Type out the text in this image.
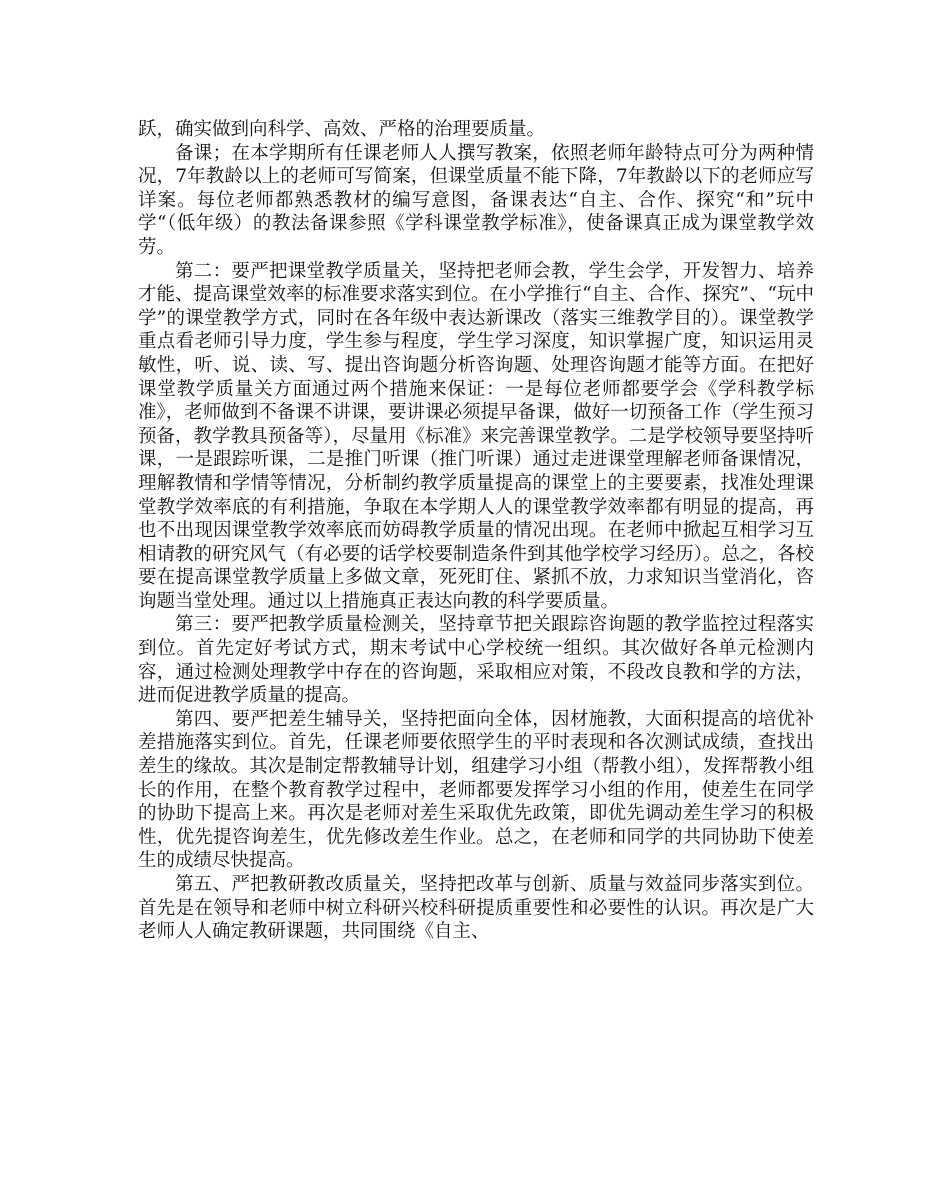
跃，确实做到向科学、高效、严格的治理要质量。

备课；在本学期所有任课老师人人撰写教案，依照老师年龄特点可分为两种情况，7年教龄以上的老师可写简案，但课堂质量不能下降，7年教龄以下的老师应写详案。每位老师都熟悉教材的编写意图，备课表达“自主、合作、探究“和”玩中学“（低年级）的教法备课参照《学科课堂教学标准》，使备课真正成为课堂教学效劳。

第二：要严把课堂教学质量关，坚持把老师会教，学生会学，开发智力、培养才能、提高课堂效率的标准要求落实到位。在小学推行“自主、合作、探究”、“玩中学”的课堂教学方式，同时在各年级中表达新课改（落实三维教学目的）。课堂教学重点看老师引导力度，学生参与程度，学生学习深度，知识掌握广度，知识运用灵敏性，听、说、读、写、提出咨询题分析咨询题、处理咨询题才能等方面。在把好课堂教学质量关方面通过两个措施来保证：一是每位老师都要学会《学科教学标准》，老师做到不备课不讲课，要讲课必须提早备课，做好一切预备工作（学生预习预备，教学教具预备等），尽量用《标准》来完善课堂教学。二是学校领导要坚持听课，一是跟踪听课，二是推门听课（推门听课）通过走进课堂理解老师备课情况，理解教情和学情等情况，分析制约教学质量提高的课堂上的主要要素，找准处理课堂教学效率底的有利措施，争取在本学期人人的课堂教学效率都有明显的提高，再也不出现因课堂教学效率底而妨碍教学质量的情况出现。在老师中掀起互相学习互相请教的研究风气（有必要的话学校要制造条件到其他学校学习经历）。总之，各校要在提高课堂教学质量上多做文章，死死盯住、紧抓不放，力求知识当堂消化，咨询题当堂处理。通过以上措施真正表达向教的科学要质量。

第三：要严把教学质量检测关，坚持章节把关跟踪咨询题的教学监控过程落实到位。首先定好考试方式，期末考试中心学校统一组织。其次做好各单元检测内容，通过检测处理教学中存在的咨询题，采取相应对策，不段改良教和学的方法，进而促进教学质量的提高。

第四、要严把差生辅导关，坚持把面向全体，因材施教，大面积提高的培优补差措施落实到位。首先，任课老师要依照学生的平时表现和各次测试成绩，查找出差生的缘故。其次是制定帮教辅导计划，组建学习小组（帮教小组），发挥帮教小组长的作用，在整个教育教学过程中，老师都要发挥学习小组的作用，使差生在同学的协助下提高上来。再次是老师对差生采取优先政策，即优先调动差生学习的积极性，优先提咨询差生，优先修改差生作业。总之，在老师和同学的共同协助下使差生的成绩尽快提高。

第五、严把教研教改质量关，坚持把改革与创新、质量与效益同步落实到位。首先是在领导和老师中树立科研兴校科研提质重要性和必要性的认识。再次是广大老师人人确定教研课题，共同围绕《自主、
